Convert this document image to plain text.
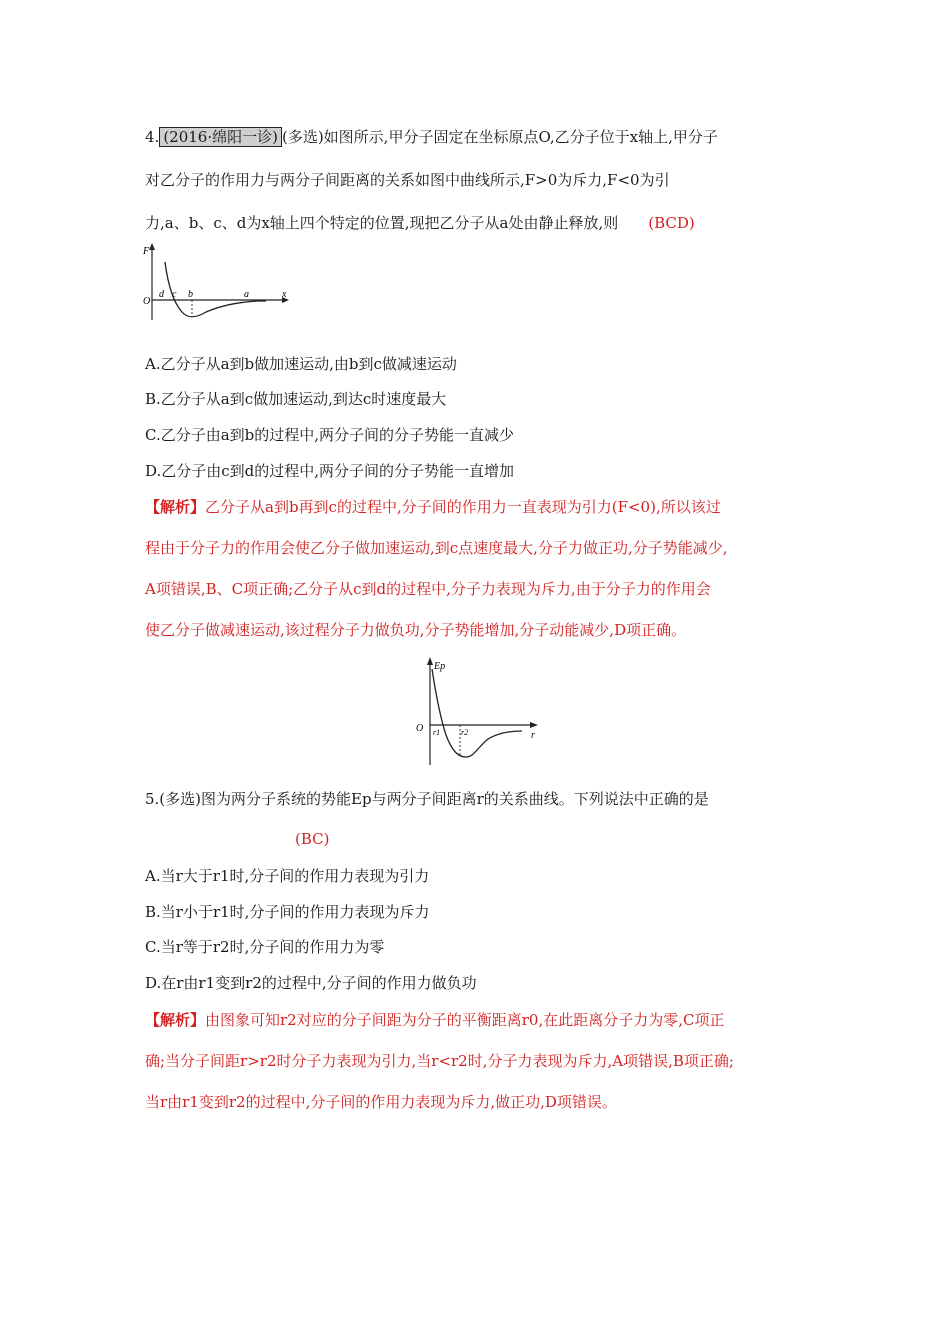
4. (2016·绵阳一诊) (多选)如图所示,甲分子固定在坐标原点O,乙分子位于x轴上,甲分子
对乙分子的作用力与两分子间距离的关系如图中曲线所示,F>0为斥力,F<0为引
力,a、b、c、d为x轴上四个特定的位置,现把乙分子从a处由静止释放,则 (BCD)
F
x
O
d c b	a
A.乙分子从a到b做加速运动,由b到c做减速运动
B.乙分子从a到c做加速运动,到达c时速度最大
C.乙分子由a到b的过程中,两分子间的分子势能一直减少
D.乙分子由c到d的过程中,两分子间的分子势能一直增加
【解析】乙分子从a到b再到c的过程中,分子间的作用力一直表现为引力(F<0),所以该过
程由于分子力的作用会使乙分子做加速运动,到c点速度最大,分子力做正功,分子势能减少,
A项错误,B、C项正确;乙分子从c到d的过程中,分子力表现为斥力,由于分子力的作用会
使乙分子做减速运动,该过程分子力做负功,分子势能增加,分子动能减少,D项正确。
Ep
r
O r1	r2
5.(多选)图为两分子系统的势能Ep与两分子间距离r的关系曲线。下列说法中正确的是
(BC)
A.当r大于r1时,分子间的作用力表现为引力
B.当r小于r1时,分子间的作用力表现为斥力
C.当r等于r2时,分子间的作用力为零
D.在r由r1变到r2的过程中,分子间的作用力做负功
【解析】由图象可知r2对应的分子间距为分子的平衡距离r0,在此距离分子力为零,C项正
确;当分子间距r>r2时分子力表现为引力,当r<r2时,分子力表现为斥力,A项错误,B项正确;
当r由r1变到r2的过程中,分子间的作用力表现为斥力,做正功,D项错误。
